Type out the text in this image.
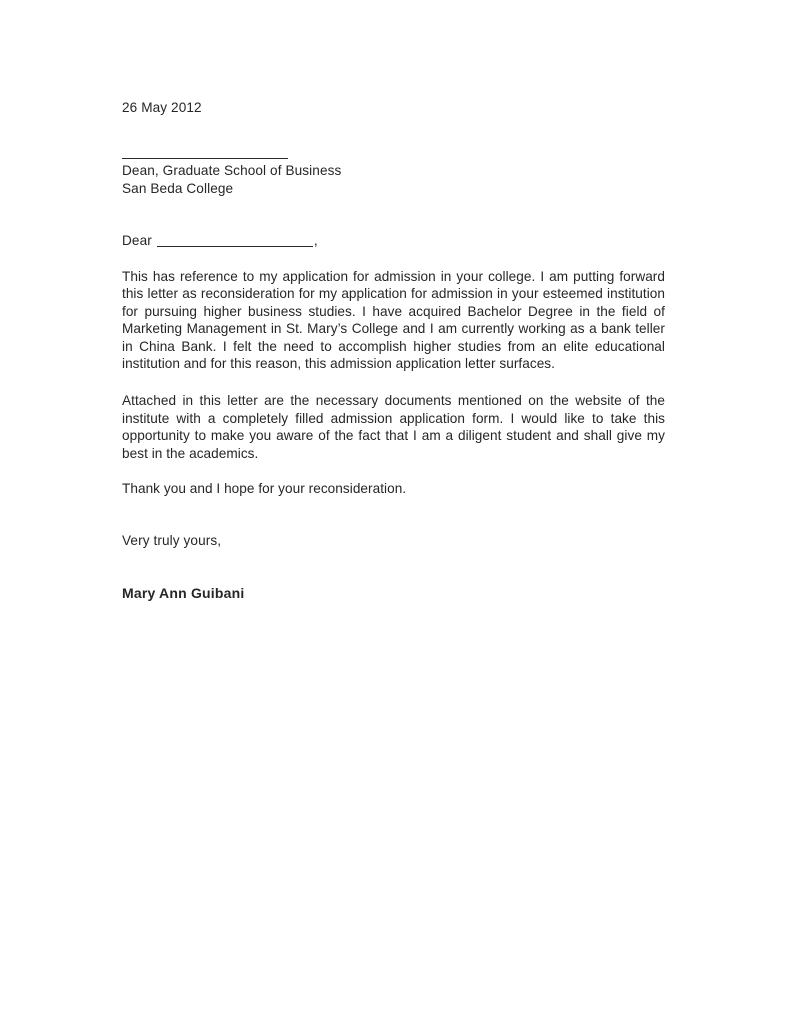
26 May 2012
Dean, Graduate School of Business
San Beda College
Dear	,

This has reference to my application for admission in your college. I am putting forward this letter as reconsideration for my application for admission in your esteemed institution for pursuing higher business studies. I have acquired Bachelor Degree in the field of Marketing Management in St. Mary’s College and I am currently working as a bank teller in China Bank. I felt the need to accomplish higher studies from an elite educational institution and for this reason, this admission application letter surfaces.

Attached in this letter are the necessary documents mentioned on the website of the institute with a completely filled admission application form. I would like to take this opportunity to make you aware of the fact that I am a diligent student and shall give my best in the academics.

Thank you and I hope for your reconsideration.

Very truly yours,
Mary Ann Guibani
